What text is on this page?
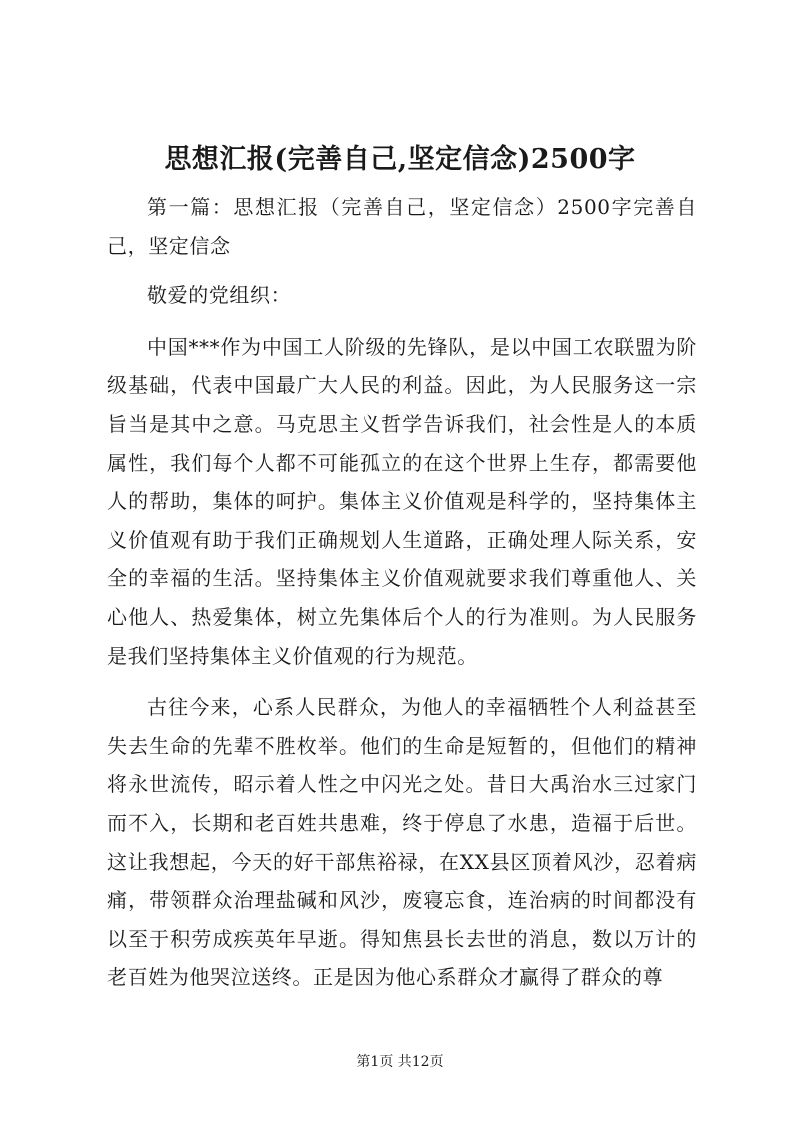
思想汇报(完善自己,坚定信念)2500字

第一篇：思想汇报（完善自己，坚定信念）2500字完善自己，坚定信念

敬爱的党组织：

中国***作为中国工人阶级的先锋队，是以中国工农联盟为阶级基础，代表中国最广大人民的利益。因此，为人民服务这一宗旨当是其中之意。马克思主义哲学告诉我们，社会性是人的本质属性，我们每个人都不可能孤立的在这个世界上生存，都需要他人的帮助，集体的呵护。集体主义价值观是科学的，坚持集体主义价值观有助于我们正确规划人生道路，正确处理人际关系，安全的幸福的生活。坚持集体主义价值观就要求我们尊重他人、关心他人、热爱集体，树立先集体后个人的行为准则。为人民服务是我们坚持集体主义价值观的行为规范。

古往今来，心系人民群众，为他人的幸福牺牲个人利益甚至失去生命的先辈不胜枚举。他们的生命是短暂的，但他们的精神将永世流传，昭示着人性之中闪光之处。昔日大禹治水三过家门而不入，长期和老百姓共患难，终于停息了水患，造福于后世。这让我想起，今天的好干部焦裕禄，在XX县区顶着风沙，忍着病痛，带领群众治理盐碱和风沙，废寝忘食，连治病的时间都没有以至于积劳成疾英年早逝。得知焦县长去世的消息，数以万计的老百姓为他哭泣送终。正是因为他心系群众才赢得了群众的尊

第1页 共12页
